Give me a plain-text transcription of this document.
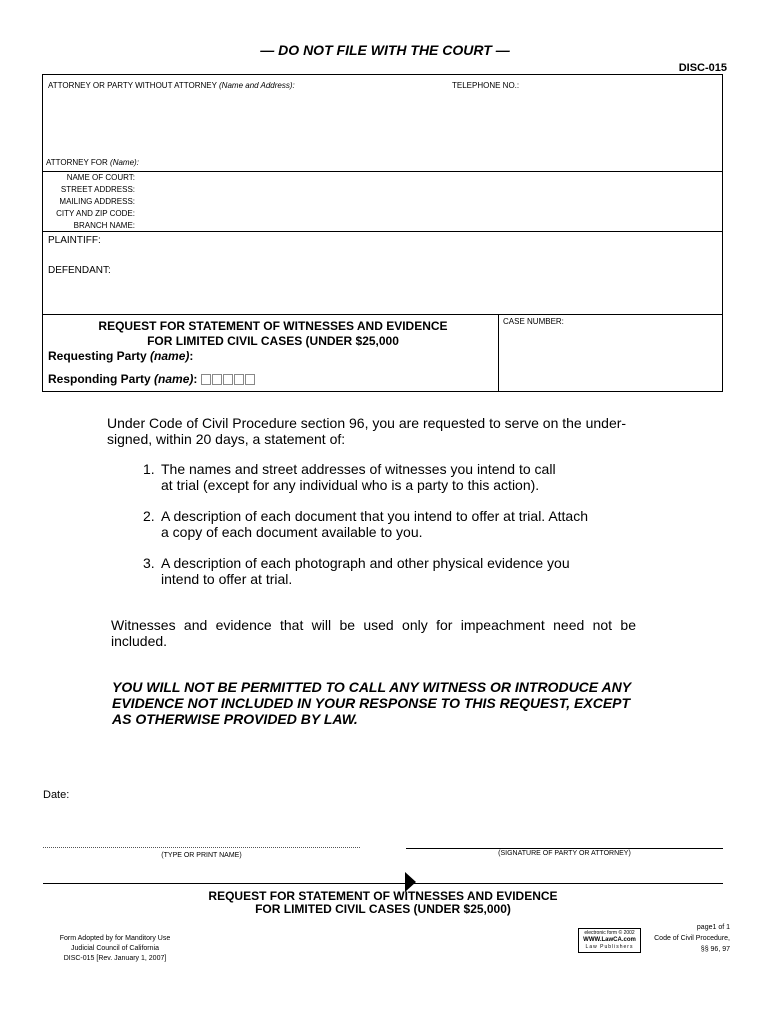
— DO NOT FILE WITH THE COURT —
DISC-015
ATTORNEY OR PARTY WITHOUT ATTORNEY (Name and Address):	TELEPHONE NO.:
ATTORNEY FOR (Name):
NAME OF COURT:
STREET ADDRESS:
MAILING ADDRESS:
CITY AND ZIP CODE:
BRANCH NAME:
PLAINTIFF:
DEFENDANT:
REQUEST FOR STATEMENT OF WITNESSES AND EVIDENCE
FOR LIMITED CIVIL CASES (UNDER $25,000
Requesting Party (name):
Responding Party (name):
CASE NUMBER:
Under Code of Civil Procedure section 96, you are requested to serve on the under-
signed, within 20 days, a statement of:
1. The names and street addresses of witnesses you intend to call
at trial (except for any individual who is a party to this action).
2. A description of each document that you intend to offer at trial. Attach
a copy of each document available to you.
3. A description of each photograph and other physical evidence you
intend to offer at trial.
Witnesses and evidence that will be used only for impeachment need not be
included.
YOU WILL NOT BE PERMITTED TO CALL ANY WITNESS OR INTRODUCE ANY
EVIDENCE NOT INCLUDED IN YOUR RESPONSE TO THIS REQUEST, EXCEPT
AS OTHERWISE PROVIDED BY LAW.
Date:
(TYPE OR PRINT NAME)	(SIGNATURE OF PARTY OR ATTORNEY)
REQUEST FOR STATEMENT OF WITNESSES AND EVIDENCE
FOR LIMITED CIVIL CASES (UNDER $25,000)
Form Adopted by for Manditory Use
Judicial Council of California
DISC-015 [Rev. January 1, 2007]
electronic form © 2002
WWW.LawCA.com
Law Publishers
page1 of 1
Code of Civil Procedure,
§§ 96, 97
